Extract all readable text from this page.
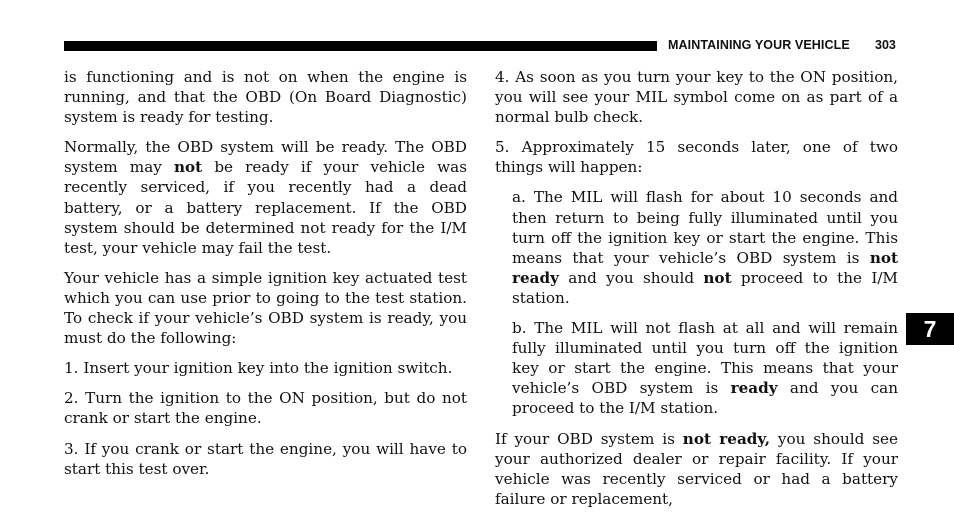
MAINTAINING YOUR VEHICLE 303

is functioning and is not on when the engine is running, and that the OBD (On Board Diagnostic) system is ready for testing.

Normally, the OBD system will be ready. The OBD system may not be ready if your vehicle was recently serviced, if you recently had a dead battery, or a battery replacement. If the OBD system should be determined not ready for the I/M test, your vehicle may fail the test.

Your vehicle has a simple ignition key actuated test which you can use prior to going to the test station. To check if your vehicle’s OBD system is ready, you must do the following:

1. Insert your ignition key into the ignition switch.

2. Turn the ignition to the ON position, but do not crank or start the engine.

3. If you crank or start the engine, you will have to start this test over.

4. As soon as you turn your key to the ON position, you will see your MIL symbol come on as part of a normal bulb check.

5. Approximately 15 seconds later, one of two things will happen:

a. The MIL will flash for about 10 seconds and then return to being fully illuminated until you turn off the ignition key or start the engine. This means that your vehicle’s OBD system is not ready and you should not proceed to the I/M station.

b. The MIL will not flash at all and will remain fully illuminated until you turn off the ignition key or start the engine. This means that your vehicle’s OBD system is ready and you can proceed to the I/M station.

If your OBD system is not ready, you should see your authorized dealer or repair facility. If your vehicle was recently serviced or had a battery failure or replacement,

7
